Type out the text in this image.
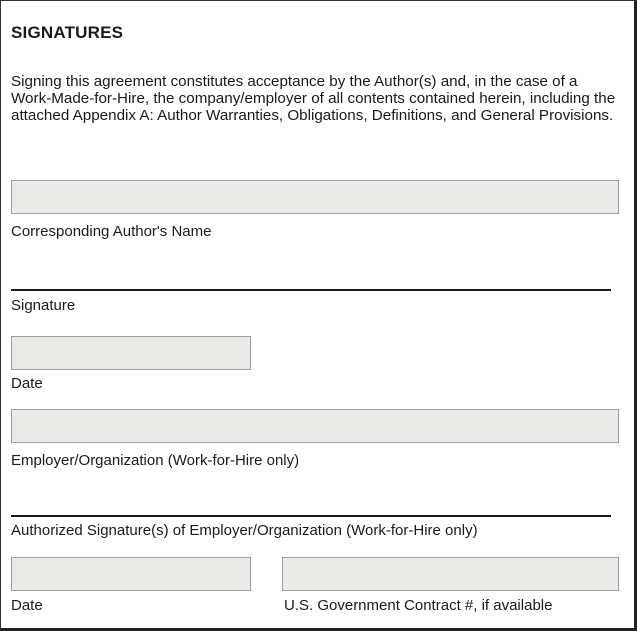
SIGNATURES
Signing this agreement constitutes acceptance by the Author(s) and, in the case of a Work-Made-for-Hire, the company/employer of all contents contained herein, including the attached Appendix A: Author Warranties, Obligations, Definitions, and General Provisions.
Corresponding Author's Name
Signature
Date
Employer/Organization (Work-for-Hire only)
Authorized Signature(s) of Employer/Organization (Work-for-Hire only)
Date	U.S. Government Contract #, if available
